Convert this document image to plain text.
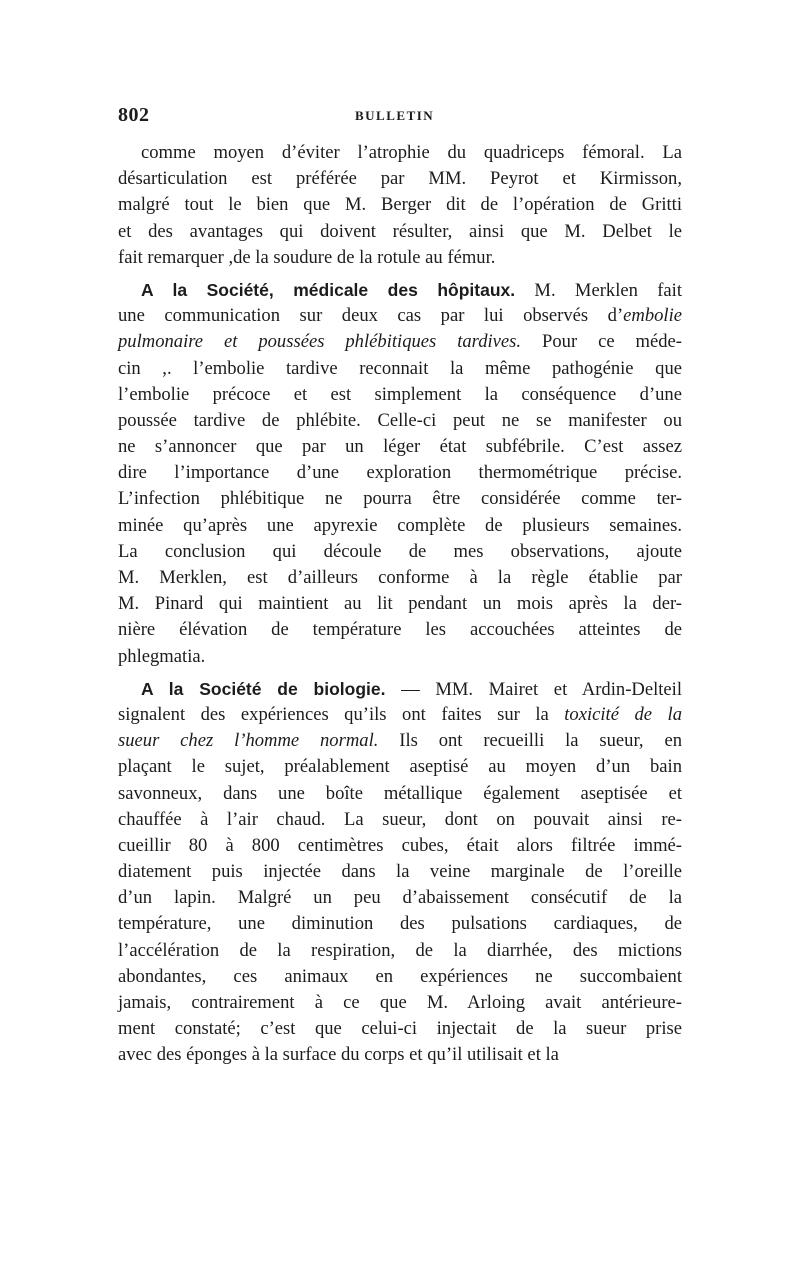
802	BULLETIN
comme moyen d’éviter l’atrophie du quadriceps fémoral. La
désarticulation est préférée par MM. Peyrot et Kirmisson,
malgré tout le bien que M. Berger dit de l’opération de Gritti
et des avantages qui doivent résulter, ainsi que M. Delbet le
fait remarquer ,de la soudure de la rotule au fémur.
A la Société, médicale des hôpitaux. M. Merklen fait
une communication sur deux cas par lui observés d’embolie
pulmonaire et poussées phlébitiques tardives. Pour ce méde-
cin ,. l’embolie tardive reconnait la même pathogénie que
l’embolie précoce et est simplement la conséquence d’une
poussée tardive de phlébite. Celle-ci peut ne se manifester ou
ne s’annoncer que par un léger état subfébrile. C’est assez
dire l’importance d’une exploration thermométrique précise.
L’infection phlébitique ne pourra être considérée comme ter-
minée qu’après une apyrexie complète de plusieurs semaines.
La conclusion qui découle de mes observations, ajoute
M. Merklen, est d’ailleurs conforme à la règle établie par
M. Pinard qui maintient au lit pendant un mois après la der-
nière élévation de température les accouchées atteintes de
phlegmatia.
A la Société de biologie. — MM. Mairet et Ardin-Delteil
signalent des expériences qu’ils ont faites sur la toxicité de la
sueur chez l’homme normal. Ils ont recueilli la sueur, en
plaçant le sujet, préalablement aseptisé au moyen d’un bain
savonneux, dans une boîte métallique également aseptisée et
chauffée à l’air chaud. La sueur, dont on pouvait ainsi re-
cueillir 80 à 800 centimètres cubes, était alors filtrée immé-
diatement puis injectée dans la veine marginale de l’oreille
d’un lapin. Malgré un peu d’abaissement consécutif de la
température, une diminution des pulsations cardiaques, de
l’accélération de la respiration, de la diarrhée, des mictions
abondantes, ces animaux en expériences ne succombaient
jamais, contrairement à ce que M. Arloing avait antérieure-
ment constaté; c’est que celui-ci injectait de la sueur prise
avec des éponges à la surface du corps et qu’il utilisait et la
